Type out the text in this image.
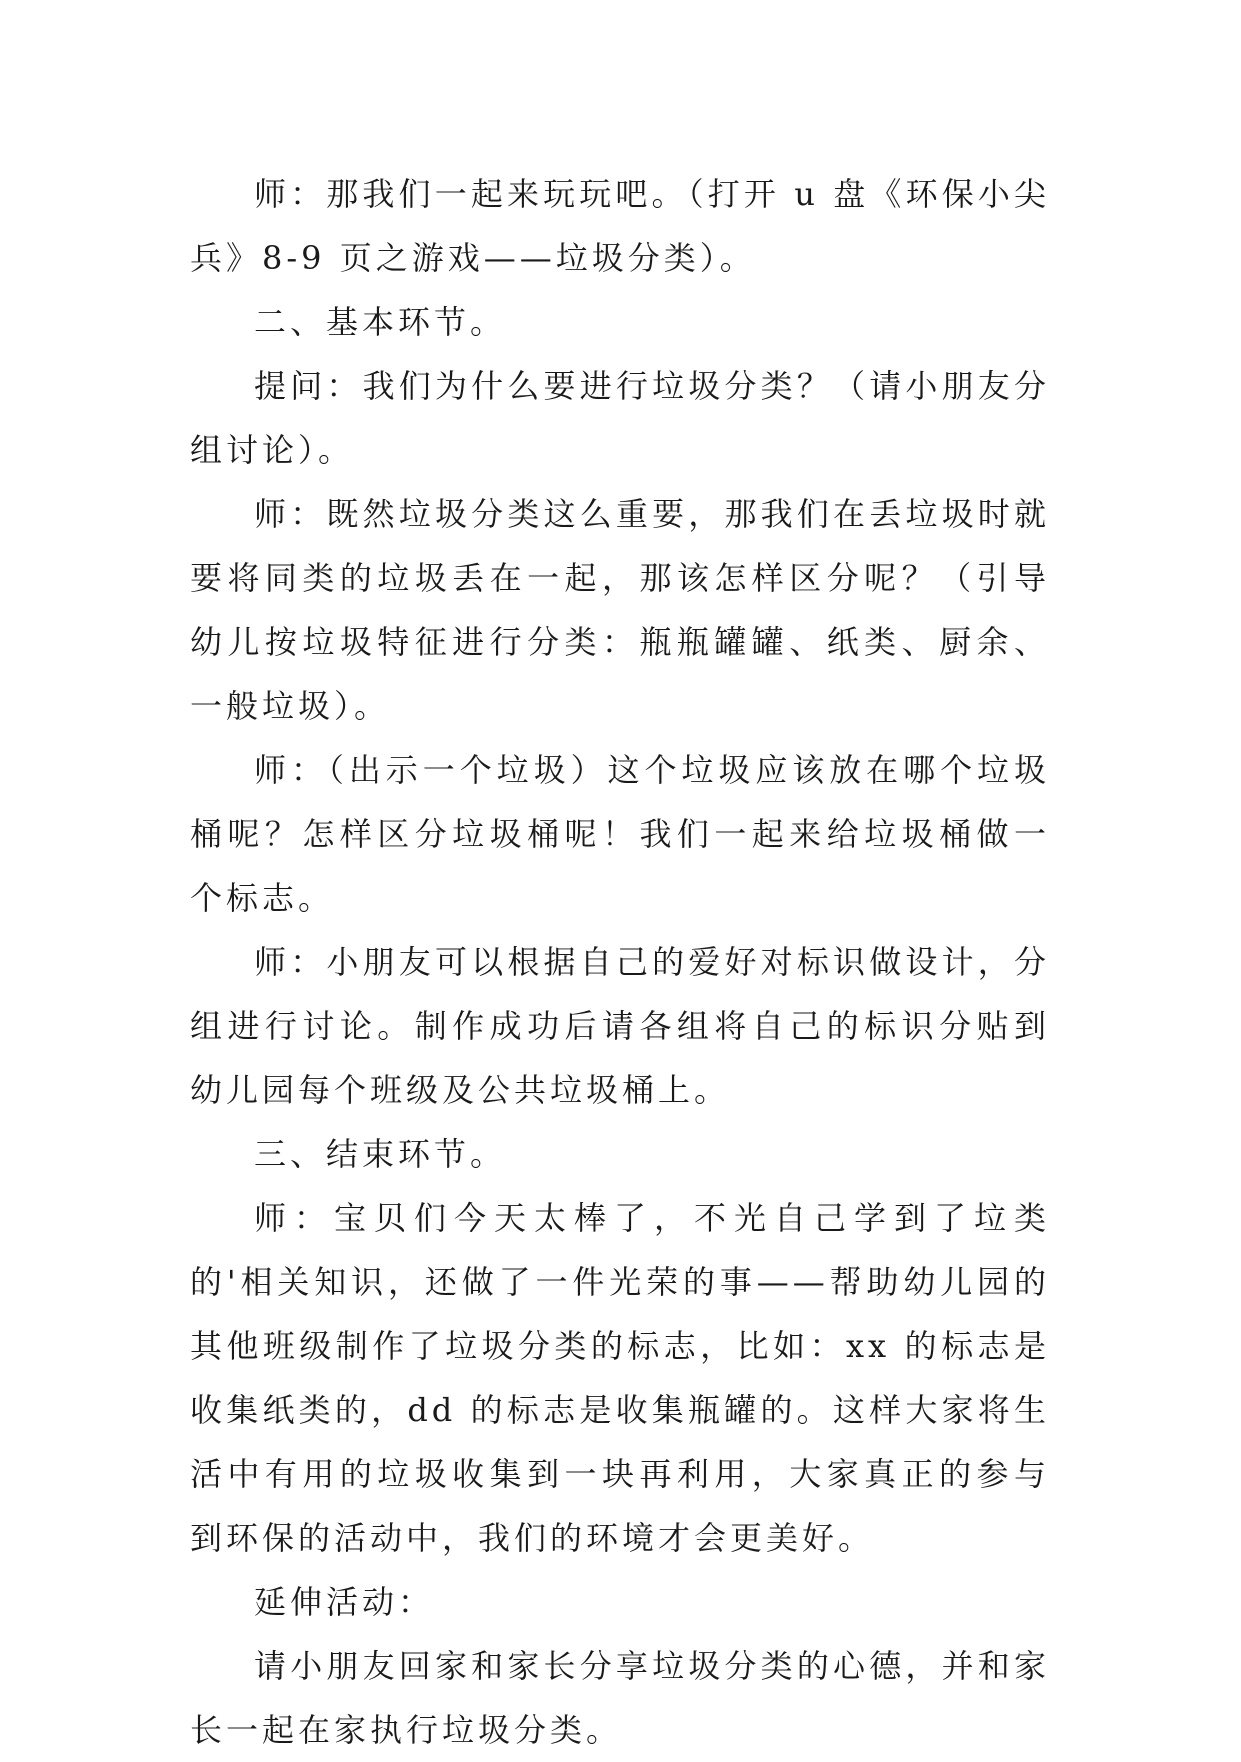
师：那我们一起来玩玩吧。（打开 u 盘《环保小尖兵》8-9 页之游戏——垃圾分类）。

二、基本环节。

提问：我们为什么要进行垃圾分类？（请小朋友分组讨论）。

师：既然垃圾分类这么重要，那我们在丢垃圾时就要将同类的垃圾丢在一起，那该怎样区分呢？（引导幼儿按垃圾特征进行分类：瓶瓶罐罐、纸类、厨余、一般垃圾）。

师：（出示一个垃圾）这个垃圾应该放在哪个垃圾桶呢？怎样区分垃圾桶呢！我们一起来给垃圾桶做一个标志。

师：小朋友可以根据自己的爱好对标识做设计，分组进行讨论。制作成功后请各组将自己的标识分贴到幼儿园每个班级及公共垃圾桶上。

三、结束环节。

师：宝贝们今天太棒了，不光自己学到了垃类的'相关知识，还做了一件光荣的事——帮助幼儿园的其他班级制作了垃圾分类的标志，比如：xx 的标志是收集纸类的，dd 的标志是收集瓶罐的。这样大家将生活中有用的垃圾收集到一块再利用，大家真正的参与到环保的活动中，我们的环境才会更美好。

延伸活动：

请小朋友回家和家长分享垃圾分类的心德，并和家长一起在家执行垃圾分类。
